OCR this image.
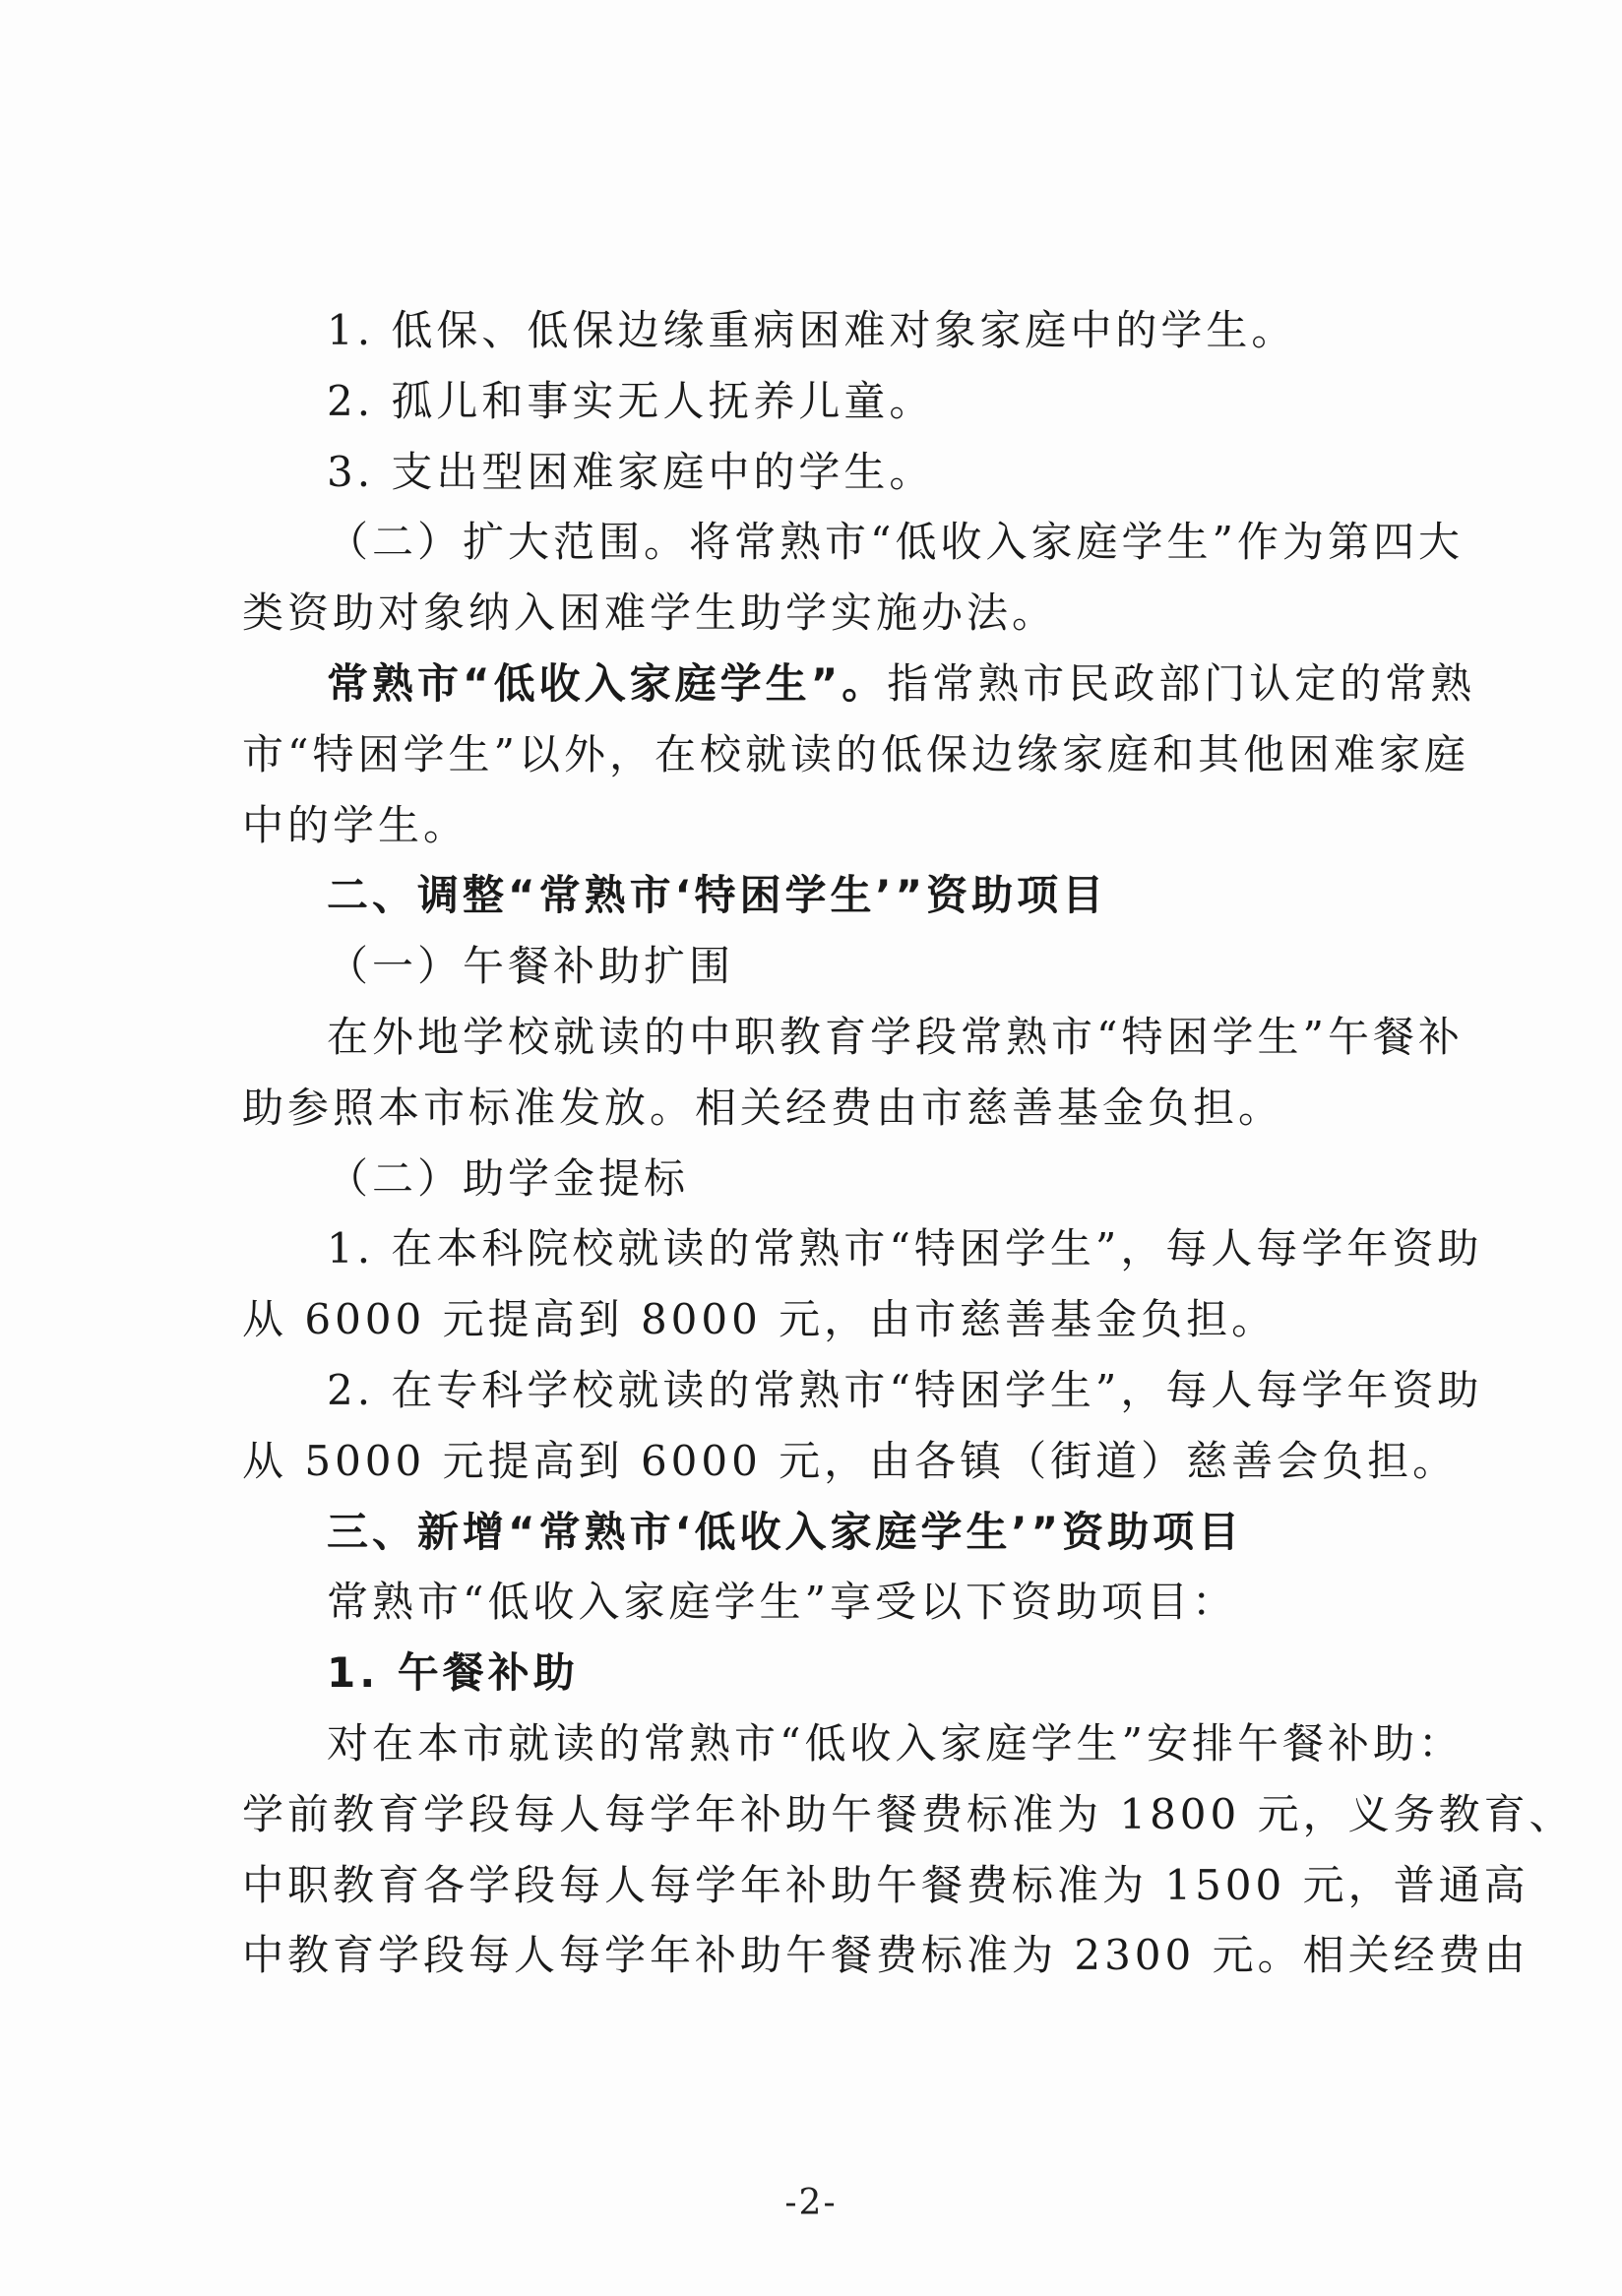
1. 低保、低保边缘重病困难对象家庭中的学生。
2. 孤儿和事实无人抚养儿童。
3. 支出型困难家庭中的学生。
（二）扩大范围。将常熟市“低收入家庭学生”作为第四大
类资助对象纳入困难学生助学实施办法。
常熟市“低收入家庭学生”。指常熟市民政部门认定的常熟
市“特困学生”以外，在校就读的低保边缘家庭和其他困难家庭
中的学生。
二、调整“常熟市‘特困学生’”资助项目
（一）午餐补助扩围
在外地学校就读的中职教育学段常熟市“特困学生”午餐补
助参照本市标准发放。相关经费由市慈善基金负担。
（二）助学金提标
1. 在本科院校就读的常熟市“特困学生”，每人每学年资助
从 6000 元提高到 8000 元，由市慈善基金负担。
2. 在专科学校就读的常熟市“特困学生”，每人每学年资助
从 5000 元提高到 6000 元，由各镇（街道）慈善会负担。
三、新增“常熟市‘低收入家庭学生’”资助项目
常熟市“低收入家庭学生”享受以下资助项目：
1. 午餐补助
对在本市就读的常熟市“低收入家庭学生”安排午餐补助：
学前教育学段每人每学年补助午餐费标准为 1800 元，义务教育、
中职教育各学段每人每学年补助午餐费标准为 1500 元，普通高
中教育学段每人每学年补助午餐费标准为 2300 元。相关经费由
-2-
